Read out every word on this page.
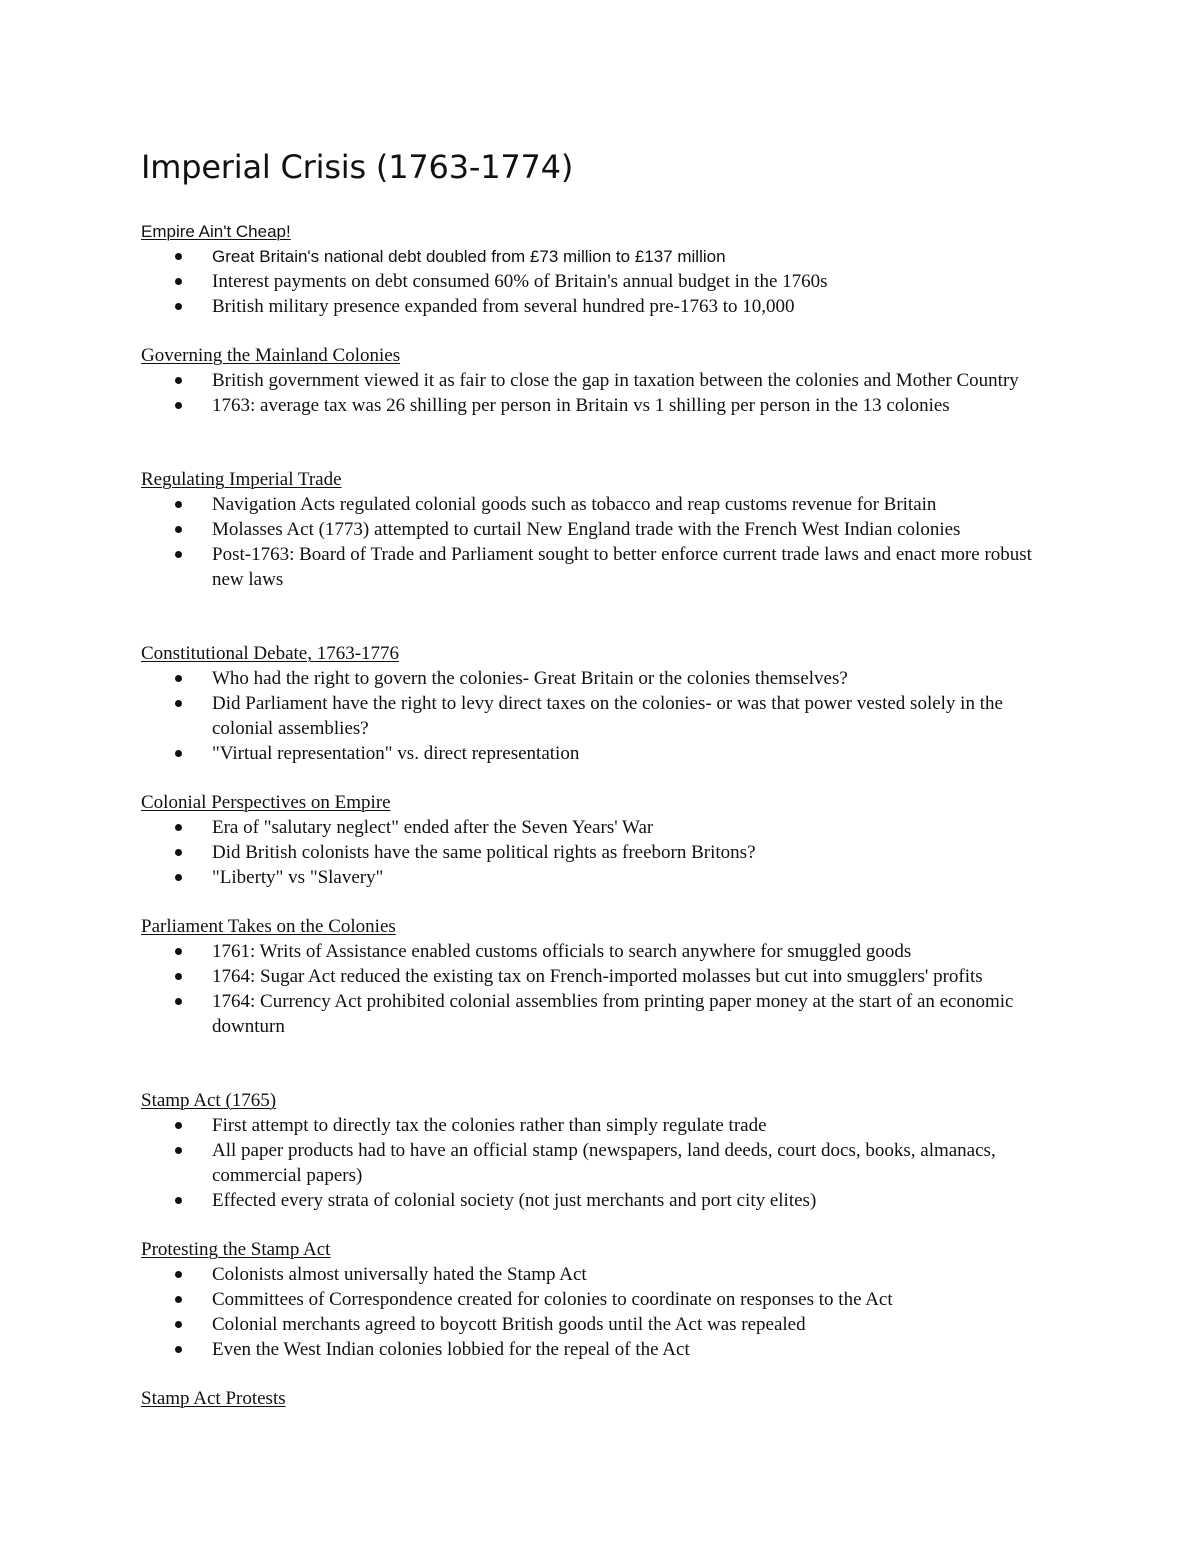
Imperial Crisis (1763-1774)

Empire Ain't Cheap!

Great Britain's national debt doubled from £73 million to £137 million
Interest payments on debt consumed 60% of Britain's annual budget in the 1760s
British military presence expanded from several hundred pre-1763 to 10,000

Governing the Mainland Colonies

British government viewed it as fair to close the gap in taxation between the colonies and Mother Country
1763: average tax was 26 shilling per person in Britain vs 1 shilling per person in the 13 colonies

Regulating Imperial Trade

Navigation Acts regulated colonial goods such as tobacco and reap customs revenue for Britain
Molasses Act (1773) attempted to curtail New England trade with the French West Indian colonies
Post-1763: Board of Trade and Parliament sought to better enforce current trade laws and enact more robust new laws

Constitutional Debate, 1763-1776

Who had the right to govern the colonies- Great Britain or the colonies themselves?
Did Parliament have the right to levy direct taxes on the colonies- or was that power vested solely in the colonial assemblies?
"Virtual representation" vs. direct representation

Colonial Perspectives on Empire

Era of "salutary neglect" ended after the Seven Years' War
Did British colonists have the same political rights as freeborn Britons?
"Liberty" vs "Slavery"

Parliament Takes on the Colonies

1761: Writs of Assistance enabled customs officials to search anywhere for smuggled goods
1764: Sugar Act reduced the existing tax on French-imported molasses but cut into smugglers' profits
1764: Currency Act prohibited colonial assemblies from printing paper money at the start of an economic downturn

Stamp Act (1765)

First attempt to directly tax the colonies rather than simply regulate trade
All paper products had to have an official stamp (newspapers, land deeds, court docs, books, almanacs, commercial papers)
Effected every strata of colonial society (not just merchants and port city elites)

Protesting the Stamp Act

Colonists almost universally hated the Stamp Act
Committees of Correspondence created for colonies to coordinate on responses to the Act
Colonial merchants agreed to boycott British goods until the Act was repealed
Even the West Indian colonies lobbied for the repeal of the Act

Stamp Act Protests
